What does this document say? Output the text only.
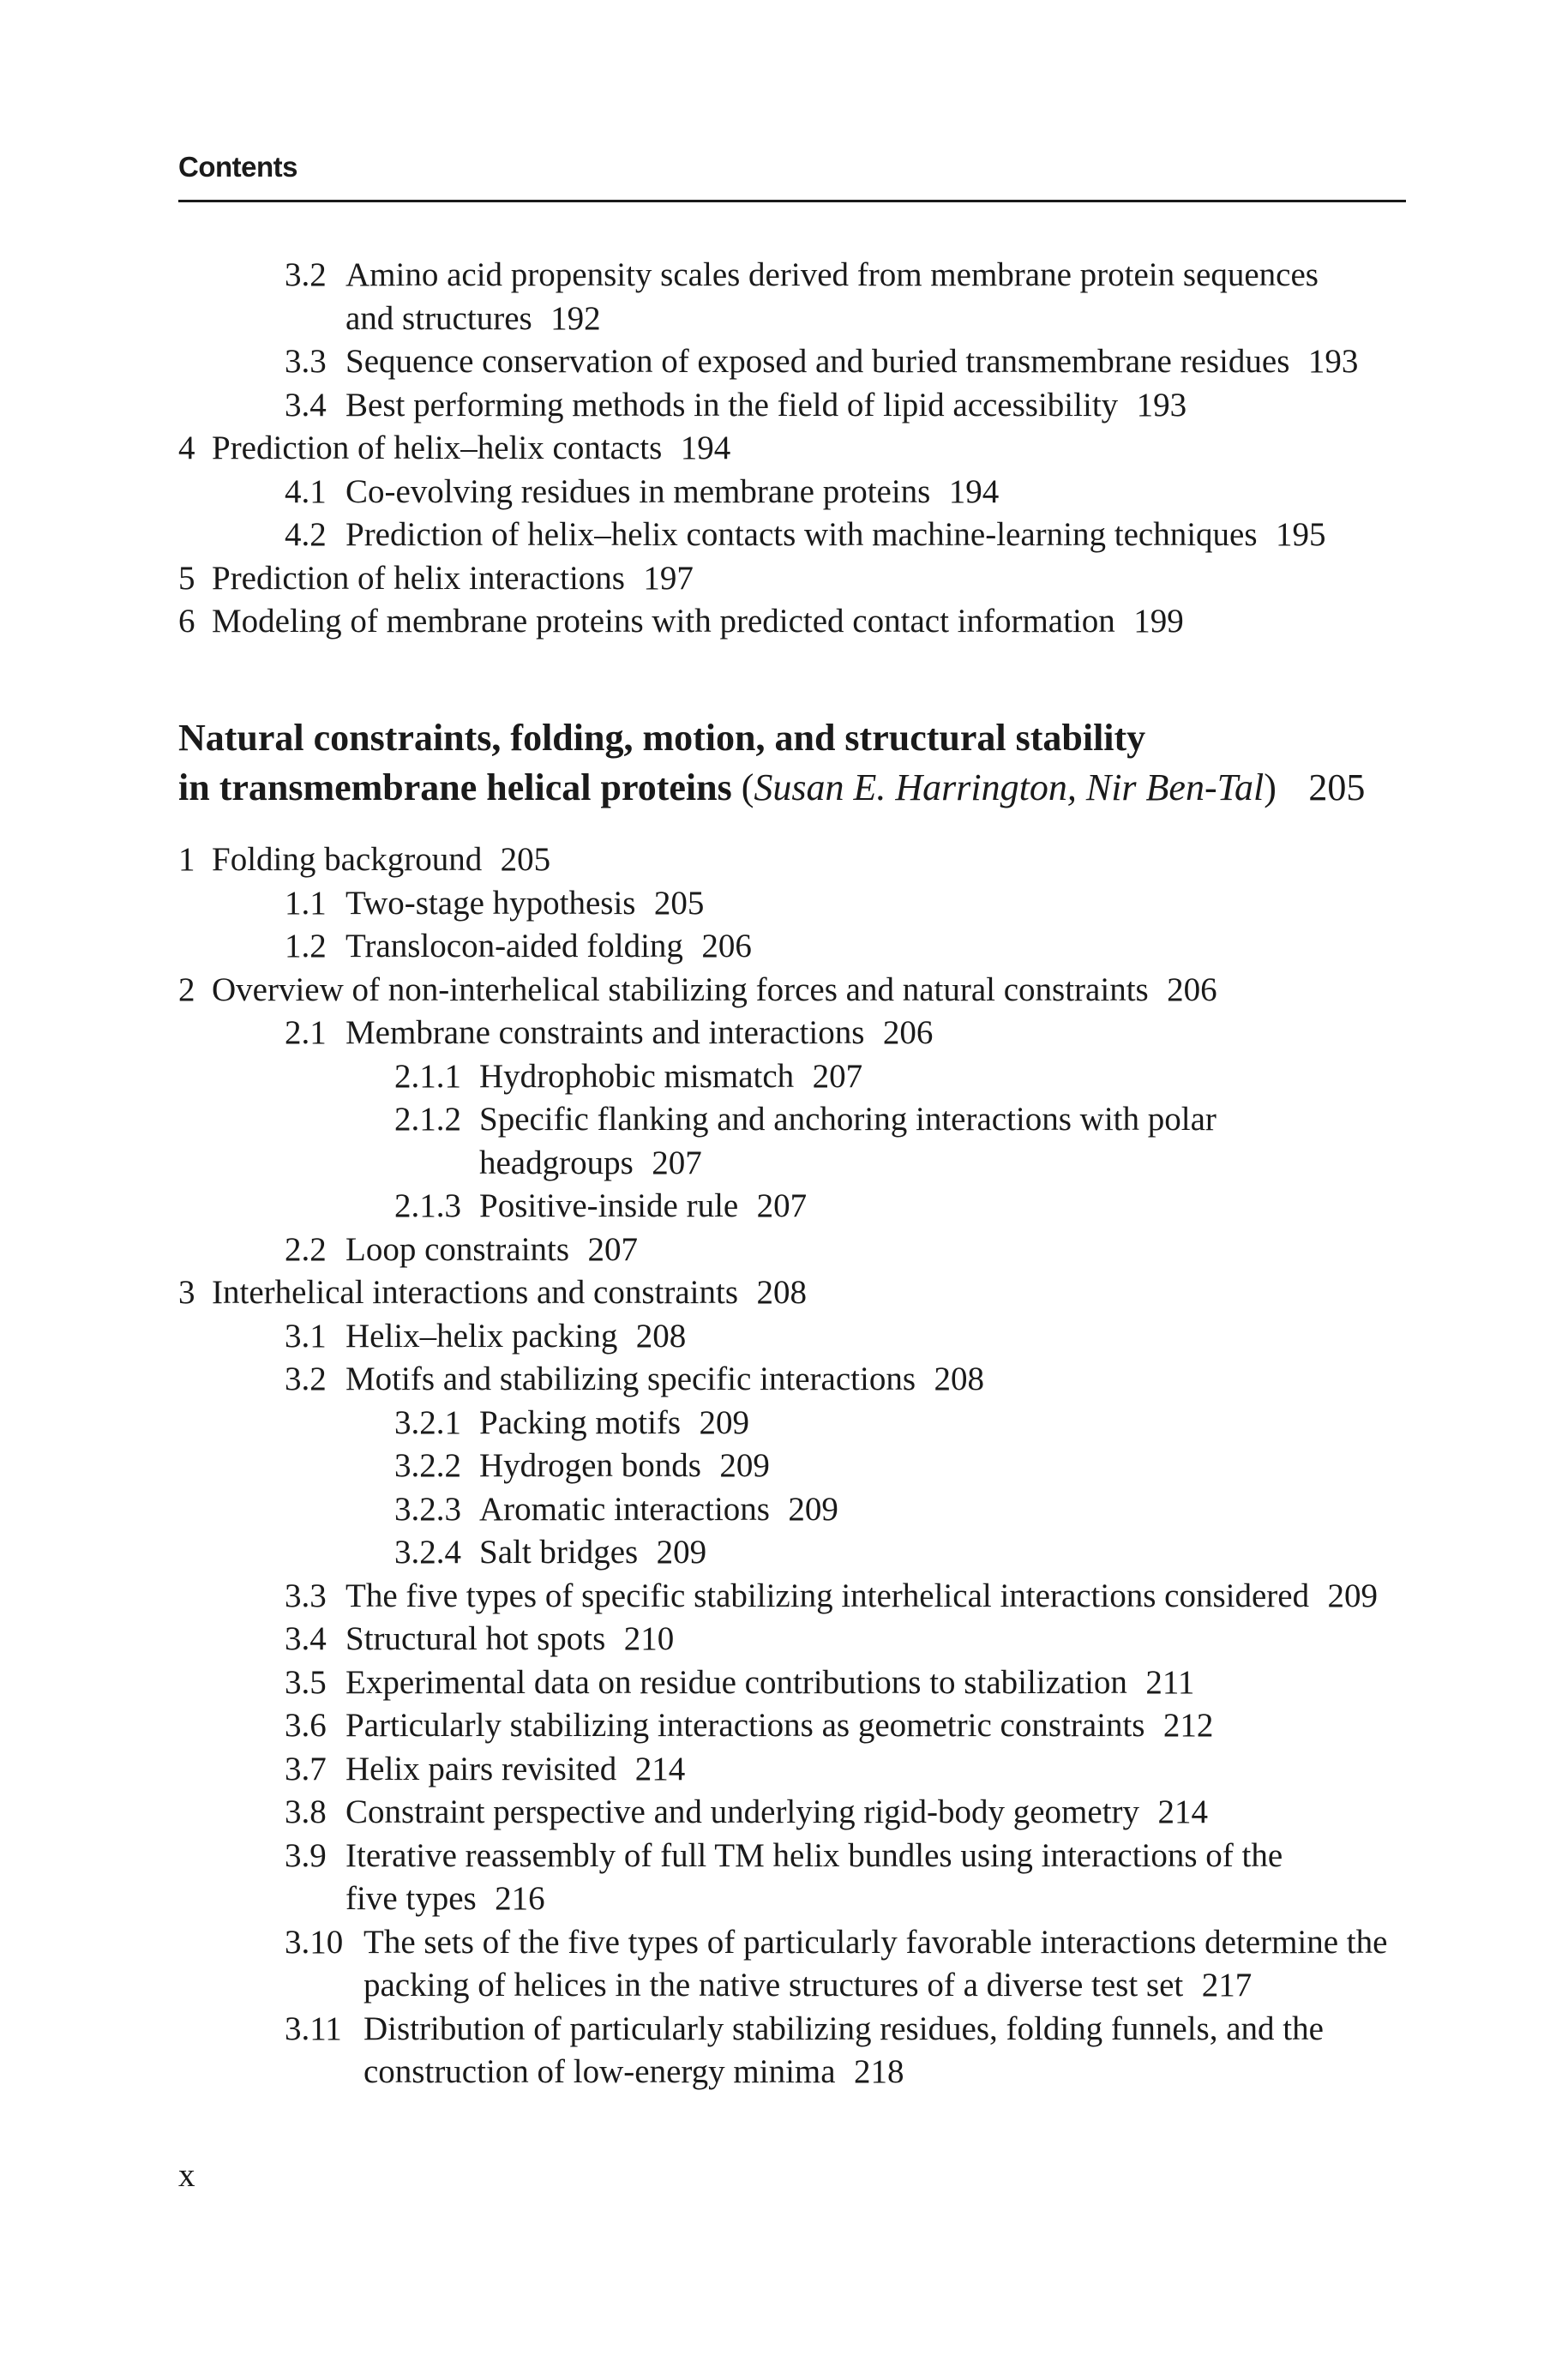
Contents
3.2 Amino acid propensity scales derived from membrane protein sequences and structures 192
3.3 Sequence conservation of exposed and buried transmembrane residues 193
3.4 Best performing methods in the field of lipid accessibility 193
4 Prediction of helix–helix contacts 194
4.1 Co-evolving residues in membrane proteins 194
4.2 Prediction of helix–helix contacts with machine-learning techniques 195
5 Prediction of helix interactions 197
6 Modeling of membrane proteins with predicted contact information 199
Natural constraints, folding, motion, and structural stability
in transmembrane helical proteins (Susan E. Harrington, Nir Ben-Tal) 205
1 Folding background 205
1.1 Two-stage hypothesis 205
1.2 Translocon-aided folding 206
2 Overview of non-interhelical stabilizing forces and natural constraints 206
2.1 Membrane constraints and interactions 206
2.1.1 Hydrophobic mismatch 207
2.1.2 Specific flanking and anchoring interactions with polar headgroups 207
2.1.3 Positive-inside rule 207
2.2 Loop constraints 207
3 Interhelical interactions and constraints 208
3.1 Helix–helix packing 208
3.2 Motifs and stabilizing specific interactions 208
3.2.1 Packing motifs 209
3.2.2 Hydrogen bonds 209
3.2.3 Aromatic interactions 209
3.2.4 Salt bridges 209
3.3 The five types of specific stabilizing interhelical interactions considered 209
3.4 Structural hot spots 210
3.5 Experimental data on residue contributions to stabilization 211
3.6 Particularly stabilizing interactions as geometric constraints 212
3.7 Helix pairs revisited 214
3.8 Constraint perspective and underlying rigid-body geometry 214
3.9 Iterative reassembly of full TM helix bundles using interactions of the five types 216
3.10 The sets of the five types of particularly favorable interactions determine the packing of helices in the native structures of a diverse test set 217
3.11 Distribution of particularly stabilizing residues, folding funnels, and the construction of low-energy minima 218
x
